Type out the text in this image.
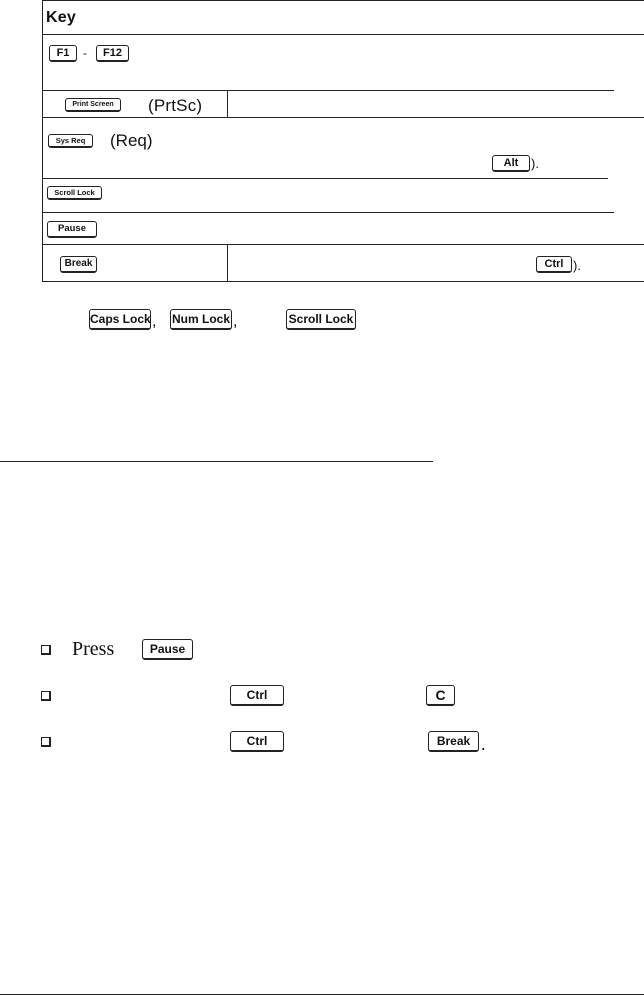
Key
F1	-	F12
Print Screen	(PrtSc)
Sys Req	(Req)
Alt ).
Scroll Lock
Pause
Break	Ctrl ).
Caps Lock , Num Lock ,	Scroll Lock
Press	Pause
Ctrl	C
Ctrl	Break .
